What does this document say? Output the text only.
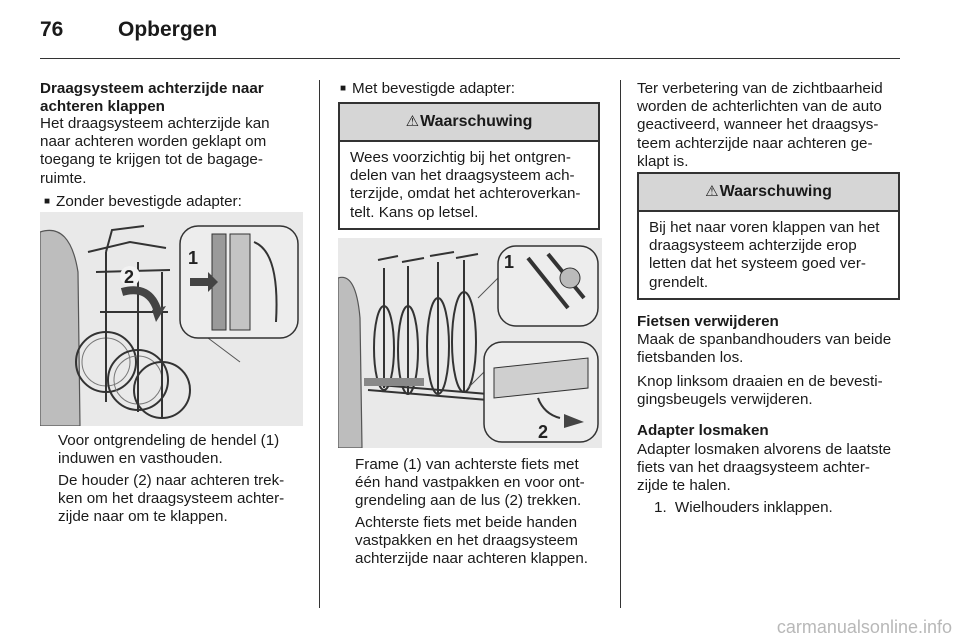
76	Opbergen
Draagsysteem achterzijde naar
achteren klappen
Het draagsysteem achterzijde kan
naar achteren worden geklapt om
toegang te krijgen tot de bagage-
ruimte.
■ Zonder bevestigde adapter:
2
1
Voor ontgrendeling de hendel (1)
induwen en vasthouden.
De houder (2) naar achteren trek-
ken om het draagsysteem achter-
zijde naar om te klappen.
■ Met bevestigde adapter:
⚠Waarschuwing
Wees voorzichtig bij het ontgren-
delen van het draagsysteem ach-
terzijde, omdat het achteroverkan-
telt. Kans op letsel.
1
2
Frame (1) van achterste fiets met
één hand vastpakken en voor ont-
grendeling aan de lus (2) trekken.
Achterste fiets met beide handen
vastpakken en het draagsysteem
achterzijde naar achteren klappen.
Ter verbetering van de zichtbaarheid
worden de achterlichten van de auto
geactiveerd, wanneer het draagsys-
teem achterzijde naar achteren ge-
klapt is.
⚠Waarschuwing
Bij het naar voren klappen van het
draagsysteem achterzijde erop
letten dat het systeem goed ver-
grendelt.
Fietsen verwijderen
Maak de spanbandhouders van beide
fietsbanden los.
Knop linksom draaien en de bevesti-
gingsbeugels verwijderen.
Adapter losmaken
Adapter losmaken alvorens de laatste
fiets van het draagsysteem achter-
zijde te halen.
1. Wielhouders inklappen.
carmanualsonline.info
